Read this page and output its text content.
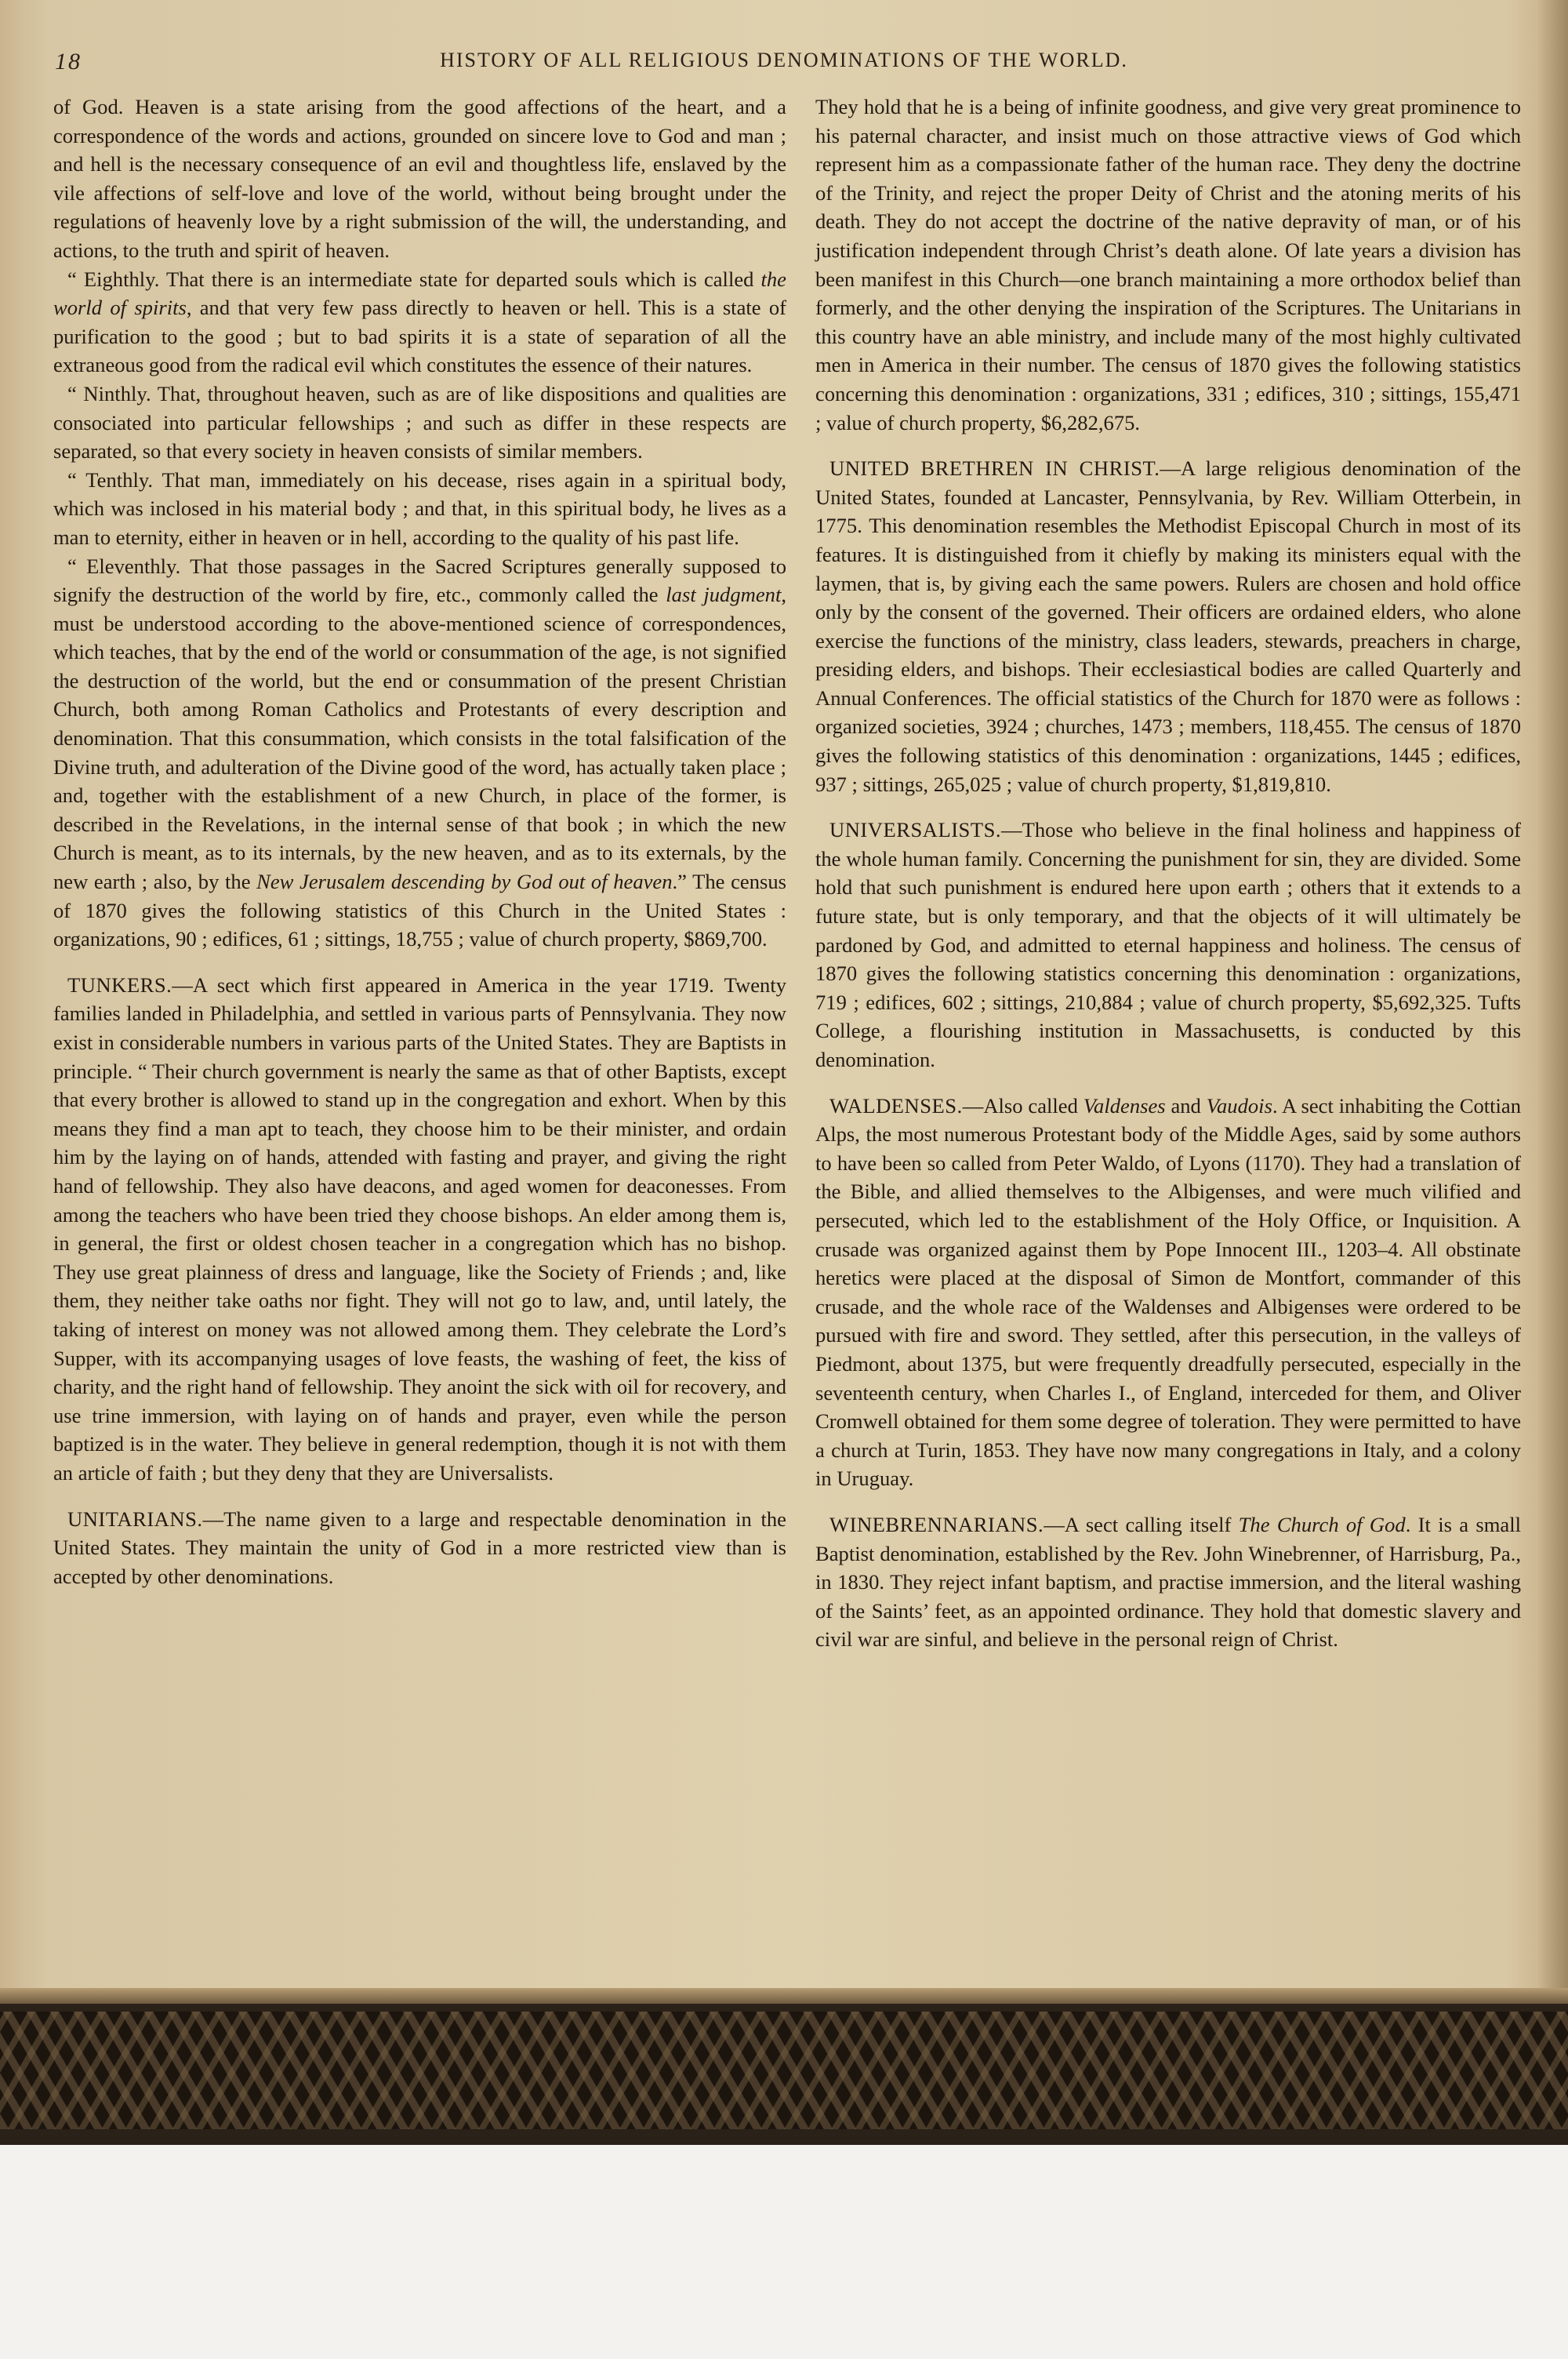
18	HISTORY OF ALL RELIGIOUS DENOMINATIONS OF THE WORLD.

of God. Heaven is a state arising from the good affections of the heart, and a correspondence of the words and actions, grounded on sincere love to God and man ; and hell is the necessary consequence of an evil and thoughtless life, enslaved by the vile affections of self-love and love of the world, without being brought under the regulations of heavenly love by a right submission of the will, the understanding, and actions, to the truth and spirit of heaven.

“ Eighthly. That there is an intermediate state for departed souls which is called the world of spirits, and that very few pass directly to heaven or hell. This is a state of purification to the good ; but to bad spirits it is a state of separation of all the extraneous good from the radical evil which constitutes the essence of their natures.

“ Ninthly. That, throughout heaven, such as are of like dispositions and qualities are consociated into particular fellowships ; and such as differ in these respects are separated, so that every society in heaven consists of similar members.

“ Tenthly. That man, immediately on his decease, rises again in a spiritual body, which was inclosed in his material body ; and that, in this spiritual body, he lives as a man to eternity, either in heaven or in hell, according to the quality of his past life.

“ Eleventhly. That those passages in the Sacred Scriptures generally supposed to signify the destruction of the world by fire, etc., commonly called the last judgment, must be understood according to the above-mentioned science of correspondences, which teaches, that by the end of the world or consummation of the age, is not signified the destruction of the world, but the end or consummation of the present Christian Church, both among Roman Catholics and Protestants of every description and denomination. That this consummation, which consists in the total falsification of the Divine truth, and adulteration of the Divine good of the word, has actually taken place ; and, together with the establishment of a new Church, in place of the former, is described in the Revelations, in the internal sense of that book ; in which the new Church is meant, as to its internals, by the new heaven, and as to its externals, by the new earth ; also, by the New Jerusalem descending by God out of heaven.” The census of 1870 gives the following statistics of this Church in the United States : organizations, 90 ; edifices, 61 ; sittings, 18,755 ; value of church property, $869,700.

TUNKERS.—A sect which first appeared in America in the year 1719. Twenty families landed in Philadelphia, and settled in various parts of Pennsylvania. They now exist in considerable numbers in various parts of the United States. They are Baptists in principle. “ Their church government is nearly the same as that of other Baptists, except that every brother is allowed to stand up in the congregation and exhort. When by this means they find a man apt to teach, they choose him to be their minister, and ordain him by the laying on of hands, attended with fasting and prayer, and giving the right hand of fellowship. They also have deacons, and aged women for deaconesses. From among the teachers who have been tried they choose bishops. An elder among them is, in general, the first or oldest chosen teacher in a congregation which has no bishop. They use great plainness of dress and language, like the Society of Friends ; and, like them, they neither take oaths nor fight. They will not go to law, and, until lately, the taking of interest on money was not allowed among them. They celebrate the Lord’s Supper, with its accompanying usages of love feasts, the washing of feet, the kiss of charity, and the right hand of fellowship. They anoint the sick with oil for recovery, and use trine immersion, with laying on of hands and prayer, even while the person baptized is in the water. They believe in general redemption, though it is not with them an article of faith ; but they deny that they are Universalists.

UNITARIANS.—The name given to a large and respectable denomination in the United States. They maintain the unity of God in a more restricted view than is accepted by other denominations.

They hold that he is a being of infinite goodness, and give very great prominence to his paternal character, and insist much on those attractive views of God which represent him as a compassionate father of the human race. They deny the doctrine of the Trinity, and reject the proper Deity of Christ and the atoning merits of his death. They do not accept the doctrine of the native depravity of man, or of his justification independent through Christ’s death alone. Of late years a division has been manifest in this Church—one branch maintaining a more orthodox belief than formerly, and the other denying the inspiration of the Scriptures. The Unitarians in this country have an able ministry, and include many of the most highly cultivated men in America in their number. The census of 1870 gives the following statistics concerning this denomination : organizations, 331 ; edifices, 310 ; sittings, 155,471 ; value of church property, $6,282,675.

UNITED BRETHREN IN CHRIST.—A large religious denomination of the United States, founded at Lancaster, Pennsylvania, by Rev. William Otterbein, in 1775. This denomination resembles the Methodist Episcopal Church in most of its features. It is distinguished from it chiefly by making its ministers equal with the laymen, that is, by giving each the same powers. Rulers are chosen and hold office only by the consent of the governed. Their officers are ordained elders, who alone exercise the functions of the ministry, class leaders, stewards, preachers in charge, presiding elders, and bishops. Their ecclesiastical bodies are called Quarterly and Annual Conferences. The official statistics of the Church for 1870 were as follows : organized societies, 3924 ; churches, 1473 ; members, 118,455. The census of 1870 gives the following statistics of this denomination : organizations, 1445 ; edifices, 937 ; sittings, 265,025 ; value of church property, $1,819,810.

UNIVERSALISTS.—Those who believe in the final holiness and happiness of the whole human family. Concerning the punishment for sin, they are divided. Some hold that such punishment is endured here upon earth ; others that it extends to a future state, but is only temporary, and that the objects of it will ultimately be pardoned by God, and admitted to eternal happiness and holiness. The census of 1870 gives the following statistics concerning this denomination : organizations, 719 ; edifices, 602 ; sittings, 210,884 ; value of church property, $5,692,325. Tufts College, a flourishing institution in Massachusetts, is conducted by this denomination.

WALDENSES.—Also called Valdenses and Vaudois. A sect inhabiting the Cottian Alps, the most numerous Protestant body of the Middle Ages, said by some authors to have been so called from Peter Waldo, of Lyons (1170). They had a translation of the Bible, and allied themselves to the Albigenses, and were much vilified and persecuted, which led to the establishment of the Holy Office, or Inquisition. A crusade was organized against them by Pope Innocent III., 1203–4. All obstinate heretics were placed at the disposal of Simon de Montfort, commander of this crusade, and the whole race of the Waldenses and Albigenses were ordered to be pursued with fire and sword. They settled, after this persecution, in the valleys of Piedmont, about 1375, but were frequently dreadfully persecuted, especially in the seventeenth century, when Charles I., of England, interceded for them, and Oliver Cromwell obtained for them some degree of toleration. They were permitted to have a church at Turin, 1853. They have now many congregations in Italy, and a colony in Uruguay.

WINEBRENNARIANS.—A sect calling itself The Church of God. It is a small Baptist denomination, established by the Rev. John Winebrenner, of Harrisburg, Pa., in 1830. They reject infant baptism, and practise immersion, and the literal washing of the Saints’ feet, as an appointed ordinance. They hold that domestic slavery and civil war are sinful, and believe in the personal reign of Christ.
